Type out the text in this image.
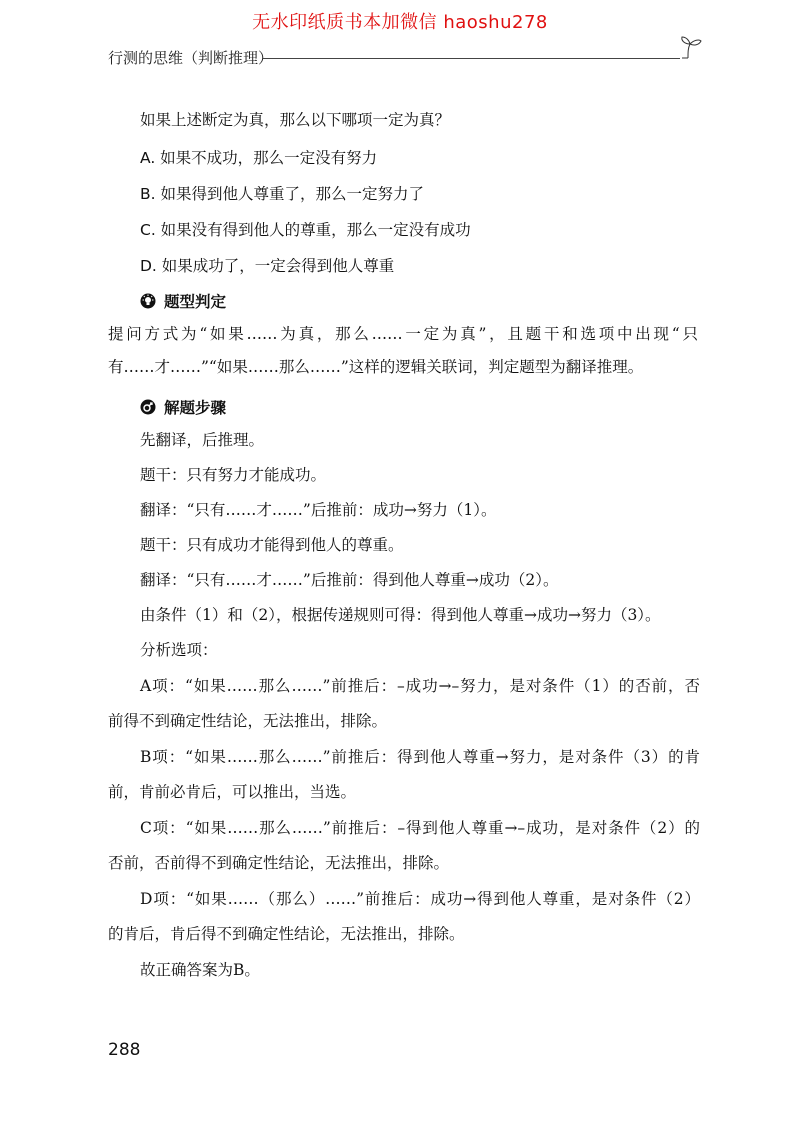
无水印纸质书本加微信 haoshu278
行测的思维（判断推理）
如果上述断定为真，那么以下哪项一定为真？
A. 如果不成功，那么一定没有努力
B. 如果得到他人尊重了，那么一定努力了
C. 如果没有得到他人的尊重，那么一定没有成功
D. 如果成功了，一定会得到他人尊重
题型判定
提问方式为“如果……为真，那么……一定为真”，且题干和选项中出现“只
有……才……”“如果……那么……”这样的逻辑关联词，判定题型为翻译推理。
解题步骤
先翻译，后推理。
题干：只有努力才能成功。
翻译：“只有……才……”后推前：成功→努力（1）。
题干：只有成功才能得到他人的尊重。
翻译：“只有……才……”后推前：得到他人尊重→成功（2）。
由条件（1）和（2），根据传递规则可得：得到他人尊重→成功→努力（3）。
分析选项：
A项：“如果……那么……”前推后：–成功→–努力，是对条件（1）的否前，否
前得不到确定性结论，无法推出，排除。
B项：“如果……那么……”前推后：得到他人尊重→努力，是对条件（3）的肯
前，肯前必肯后，可以推出，当选。
C项：“如果……那么……”前推后：–得到他人尊重→–成功，是对条件（2）的
否前，否前得不到确定性结论，无法推出，排除。
D项：“如果……（那么）……”前推后：成功→得到他人尊重，是对条件（2）
的肯后，肯后得不到确定性结论，无法推出，排除。
故正确答案为B。
288
